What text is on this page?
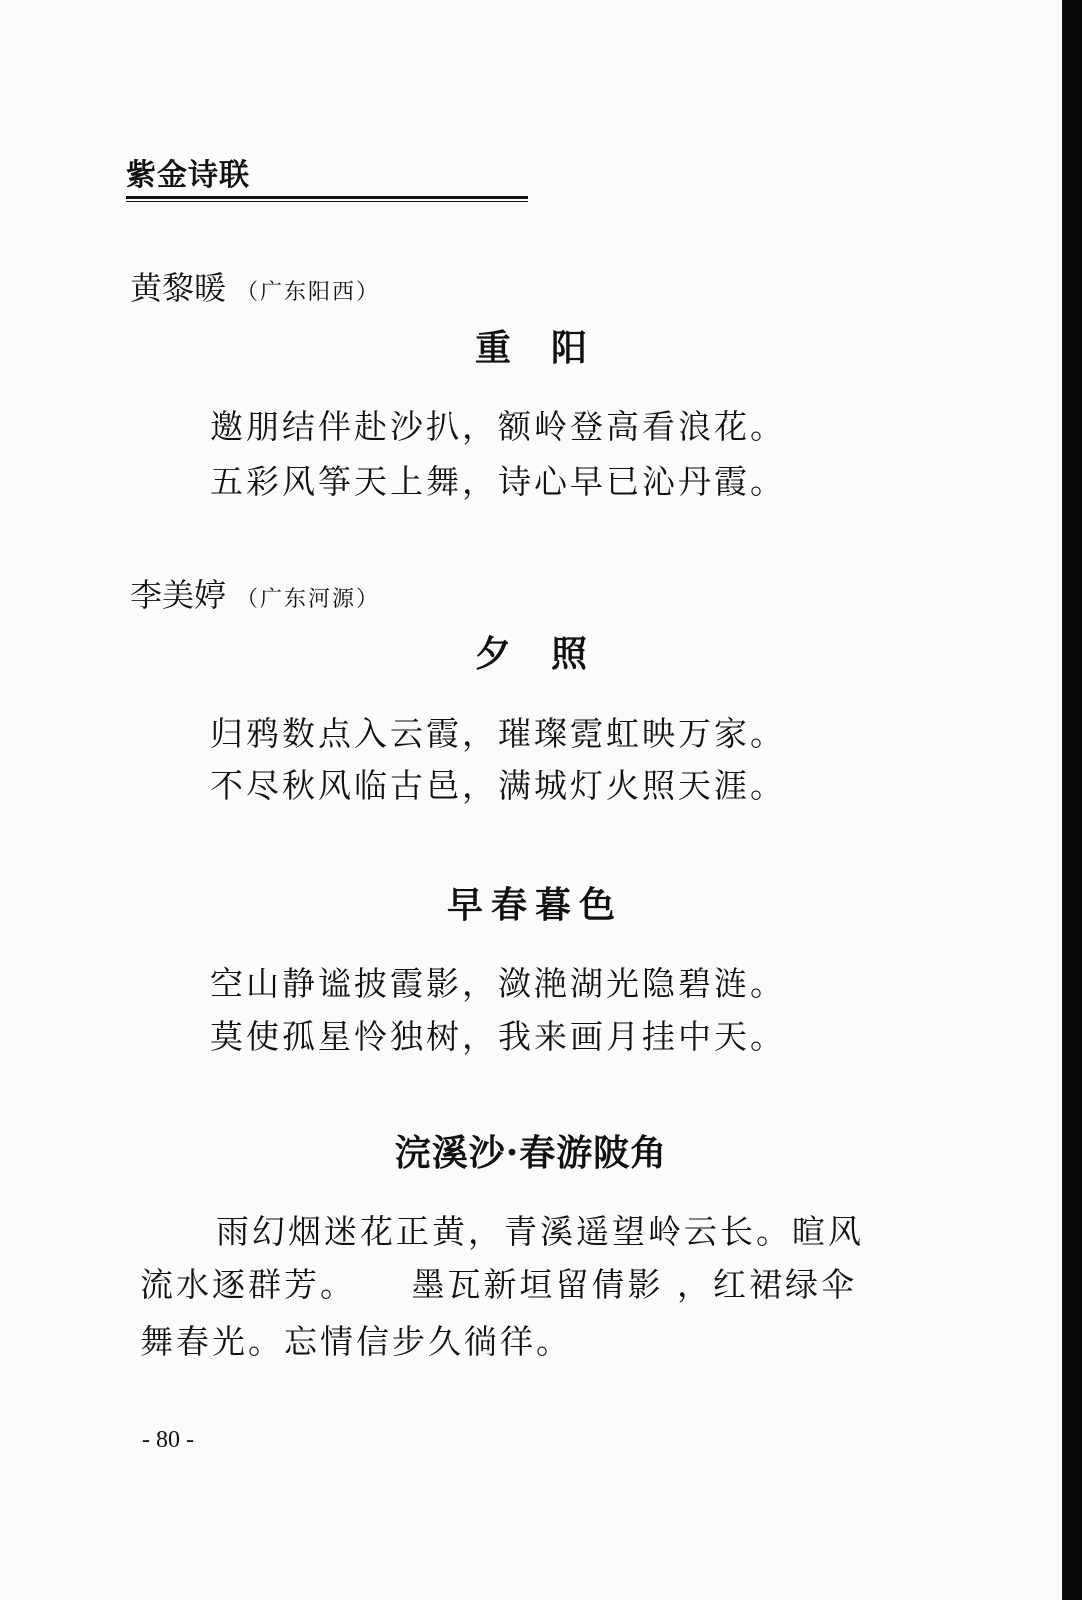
紫金诗联
黄黎暖 （广东阳西）
重阳
邀朋结伴赴沙扒，额岭登高看浪花。
五彩风筝天上舞，诗心早已沁丹霞。
李美婷 （广东河源）
夕照
归鸦数点入云霞，璀璨霓虹映万家。
不尽秋风临古邑，满城灯火照天涯。
早春暮色
空山静谧披霞影，潋滟湖光隐碧涟。
莫使孤星怜独树，我来画月挂中天。
浣溪沙·春游陂角
雨幻烟迷花正黄，青溪遥望岭云长。暄风
流水逐群芳。　　墨瓦新垣留倩影 ，红裙绿伞
舞春光。忘情信步久徜徉。
- 80 -
